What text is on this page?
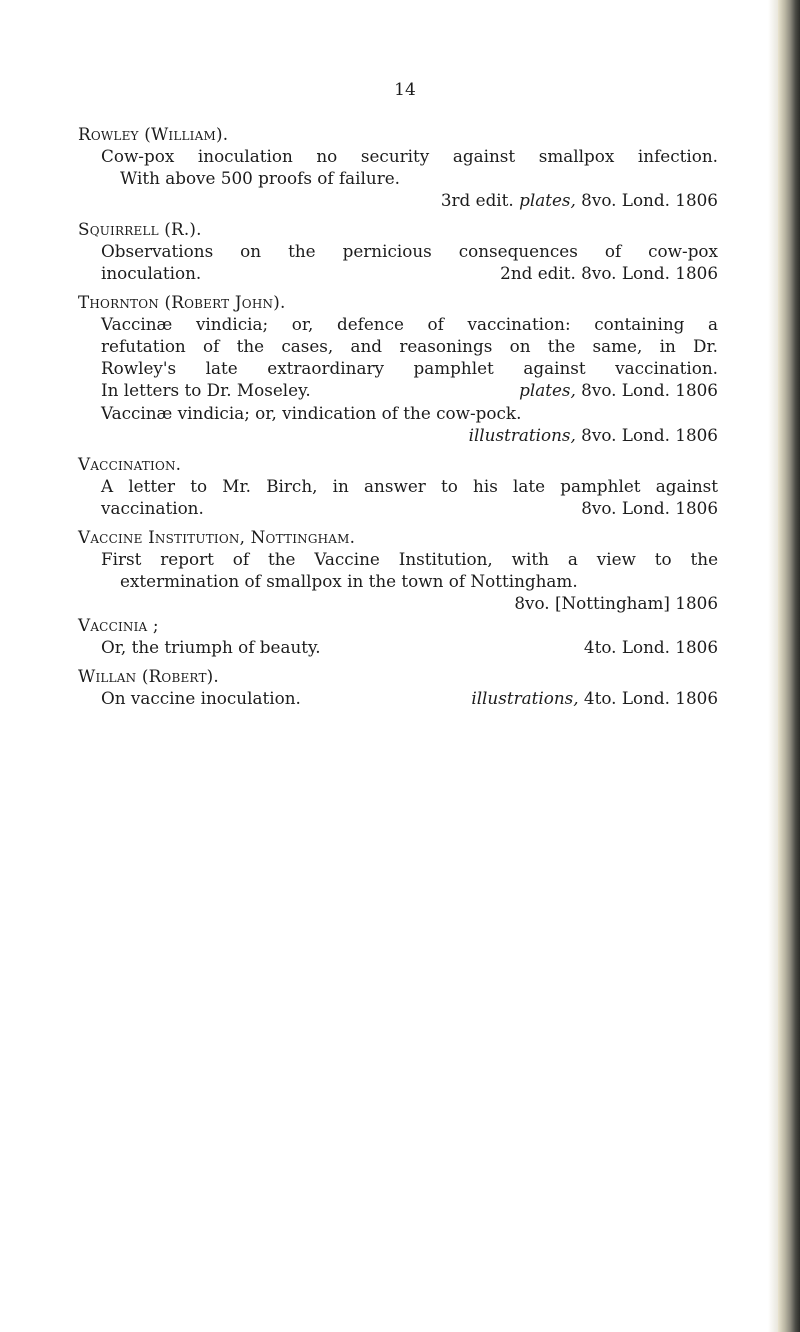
14
Rowley (William).
Cow-pox inoculation no security against smallpox infection.
With above 500 proofs of failure.
3rd edit. plates, 8vo. Lond. 1806
Squirrell (R.).
Observations on the pernicious consequences of cow-pox
inoculation.	2nd edit. 8vo. Lond. 1806
Thornton (Robert John).
Vaccinæ vindicia; or, defence of vaccination: containing a
refutation of the cases, and reasonings on the same, in Dr.
Rowley's late extraordinary pamphlet against vaccination.
In letters to Dr. Moseley.	plates, 8vo. Lond. 1806
Vaccinæ vindicia; or, vindication of the cow-pock.
illustrations, 8vo. Lond. 1806
Vaccination.
A letter to Mr. Birch, in answer to his late pamphlet against
vaccination.	8vo. Lond. 1806
Vaccine Institution, Nottingham.
First report of the Vaccine Institution, with a view to the
extermination of smallpox in the town of Nottingham.
8vo. [Nottingham] 1806
Vaccinia ;
Or, the triumph of beauty.	4to. Lond. 1806
Willan (Robert).
On vaccine inoculation.	illustrations, 4to. Lond. 1806
